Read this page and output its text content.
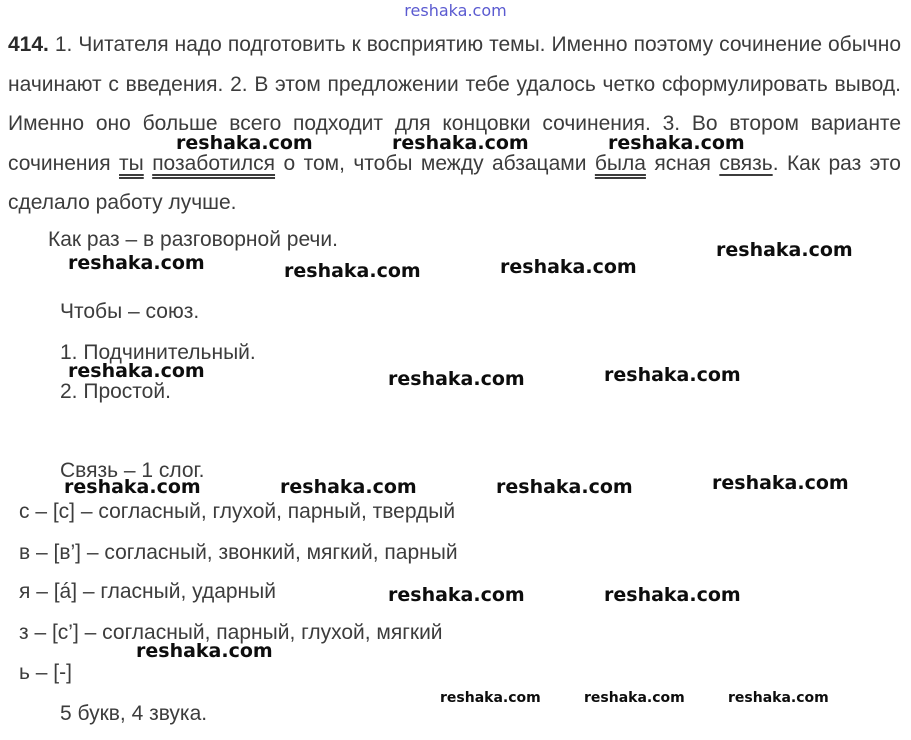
reshaka.com

414. 1. Читателя надо подготовить к восприятию темы. Именно поэтому сочинение обычно начинают с введения. 2. В этом предложении тебе удалось четко сформулировать вывод. Именно оно больше всего подходит для концовки сочинения. 3. Во втором варианте сочинения ты позаботился о том, чтобы между абзацами была ясная связь. Как раз это сделало работу лучше.

Как раз – в разговорной речи.
Чтобы – союз.
1. Подчинительный.
2. Простой.
Связь – 1 слог.
с – [с] – согласный, глухой, парный, твердый
в – [в’] – согласный, звонкий, мягкий, парный
я – [á] – гласный, ударный
з – [с’] – согласный, парный, глухой, мягкий
ь – [-]
5 букв, 4 звука.
reshaka.com	reshaka.com	reshaka.com
reshaka.com
reshaka.com	reshaka.com	reshaka.com
reshaka.com	reshaka.com	reshaka.com
reshaka.com	reshaka.com	reshaka.com	reshaka.com
reshaka.com	reshaka.com
reshaka.com
reshaka.com	reshaka.com	reshaka.com
